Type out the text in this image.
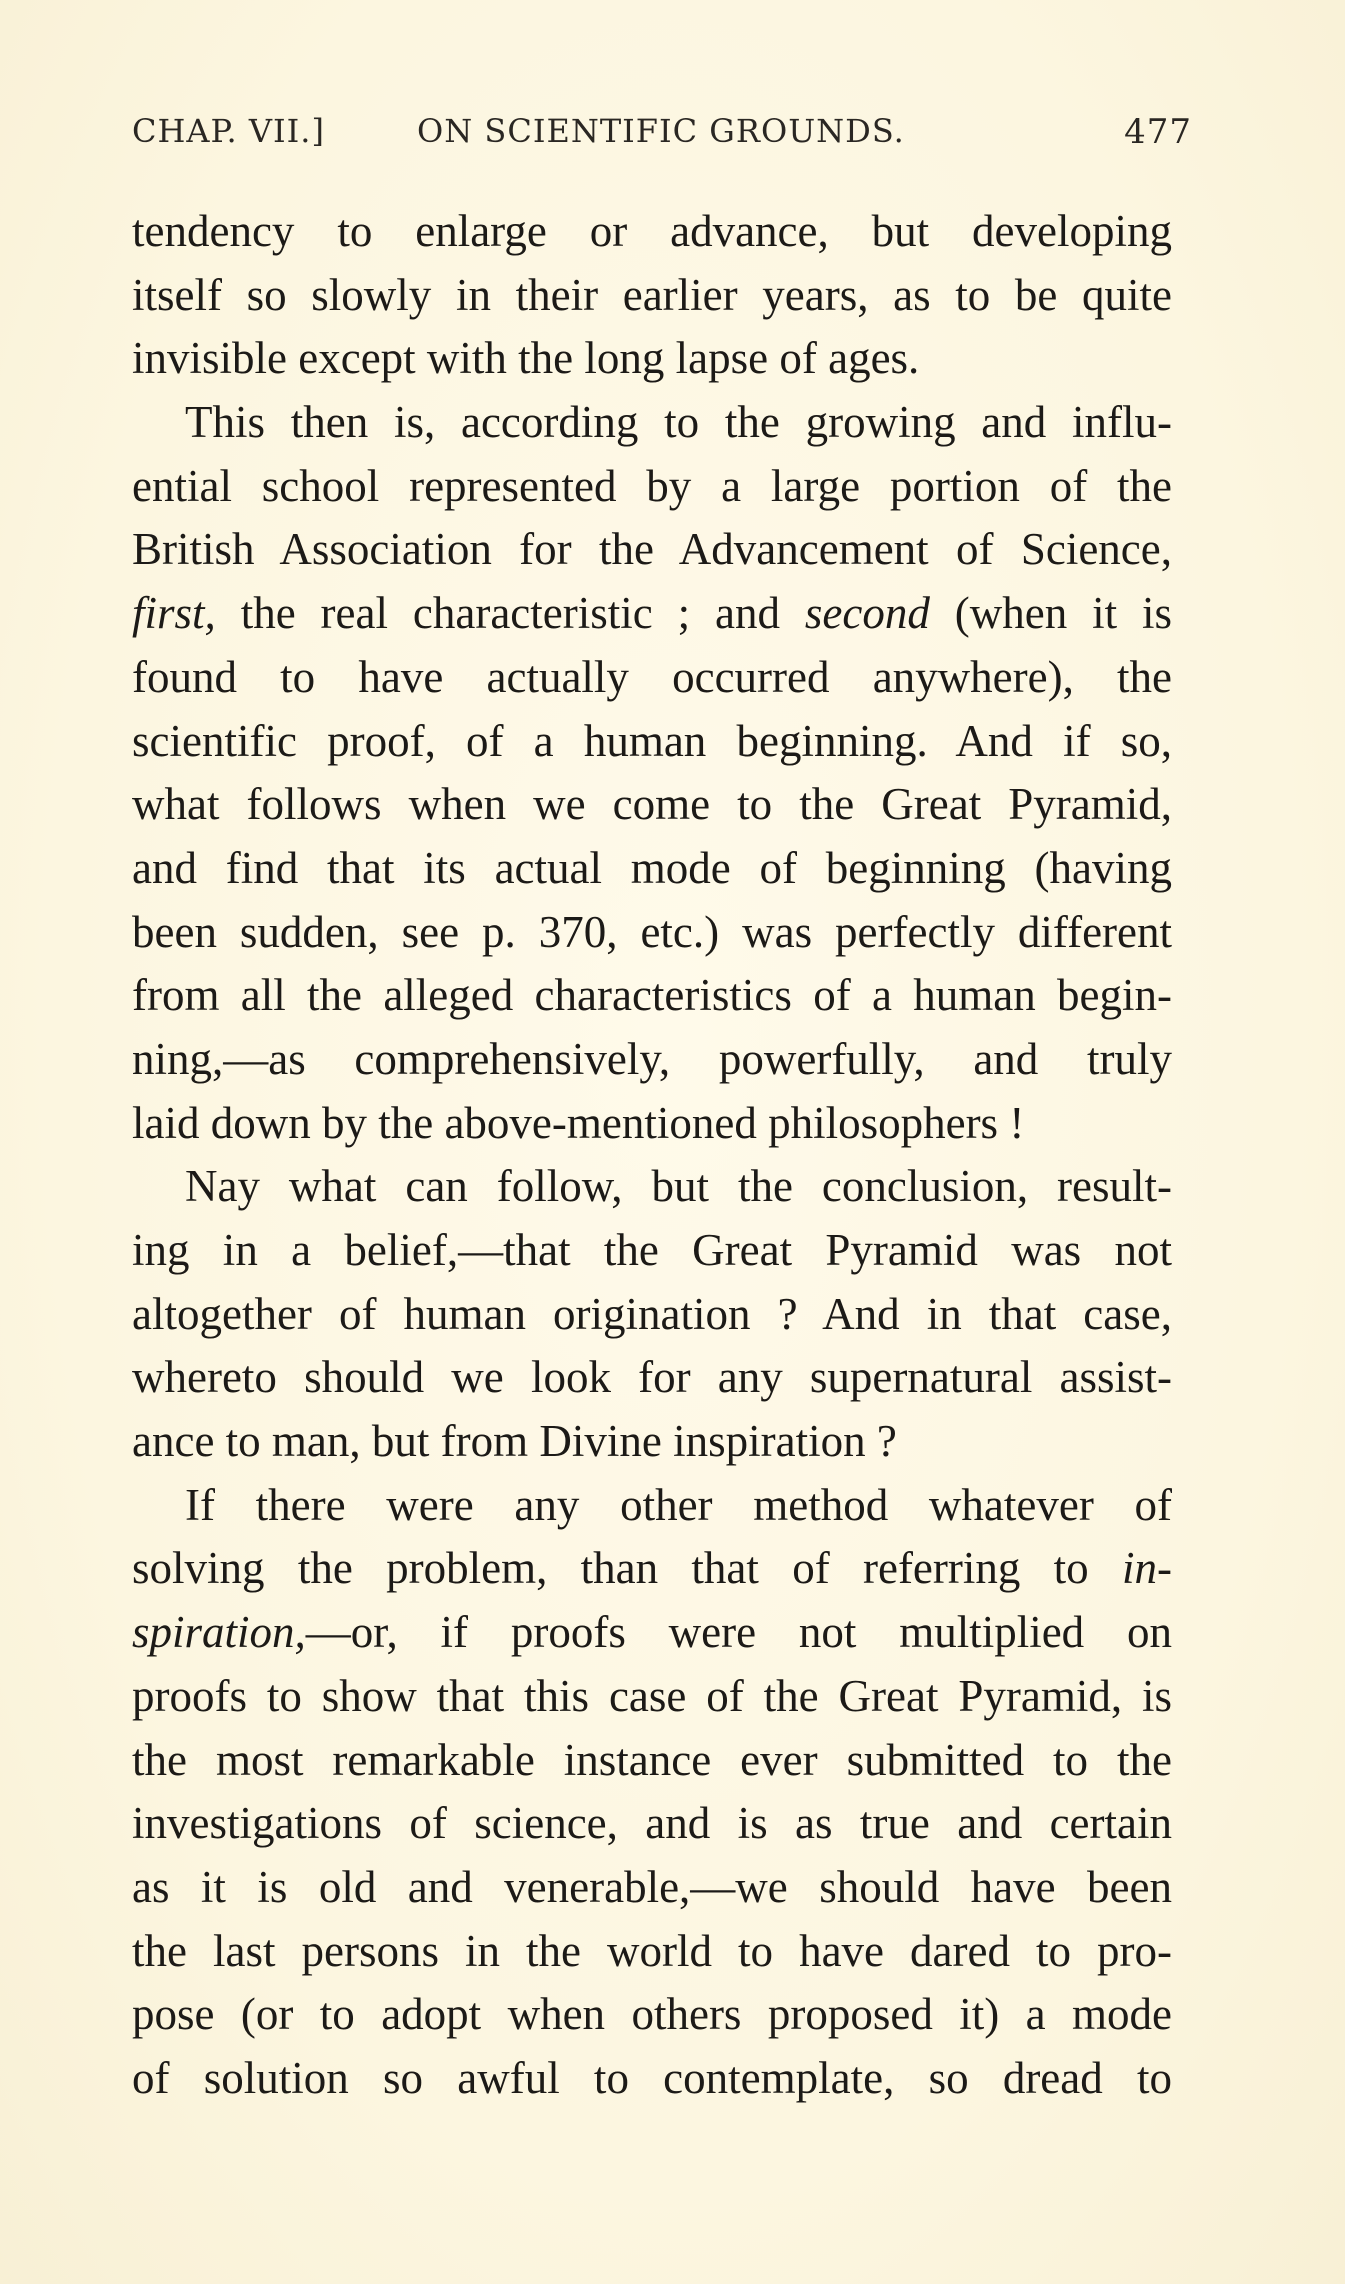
CHAP. VII.]	ON SCIENTIFIC GROUNDS.	477
tendency to enlarge or advance, but developing
itself so slowly in their earlier years, as to be quite
invisible except with the long lapse of ages.
This then is, according to the growing and influ-
ential school represented by a large portion of the
British Association for the Advancement of Science,
first, the real characteristic ; and second (when it is
found to have actually occurred anywhere), the
scientific proof, of a human beginning. And if so,
what follows when we come to the Great Pyramid,
and find that its actual mode of beginning (having
been sudden, see p. 370, etc.) was perfectly different
from all the alleged characteristics of a human begin-
ning,—as comprehensively, powerfully, and truly
laid down by the above-mentioned philosophers !
Nay what can follow, but the conclusion, result-
ing in a belief,—that the Great Pyramid was not
altogether of human origination ? And in that case,
whereto should we look for any supernatural assist-
ance to man, but from Divine inspiration ?
If there were any other method whatever of
solving the problem, than that of referring to in-
spiration,—or, if proofs were not multiplied on
proofs to show that this case of the Great Pyramid, is
the most remarkable instance ever submitted to the
investigations of science, and is as true and certain
as it is old and venerable,—we should have been
the last persons in the world to have dared to pro-
pose (or to adopt when others proposed it) a mode
of solution so awful to contemplate, so dread to
